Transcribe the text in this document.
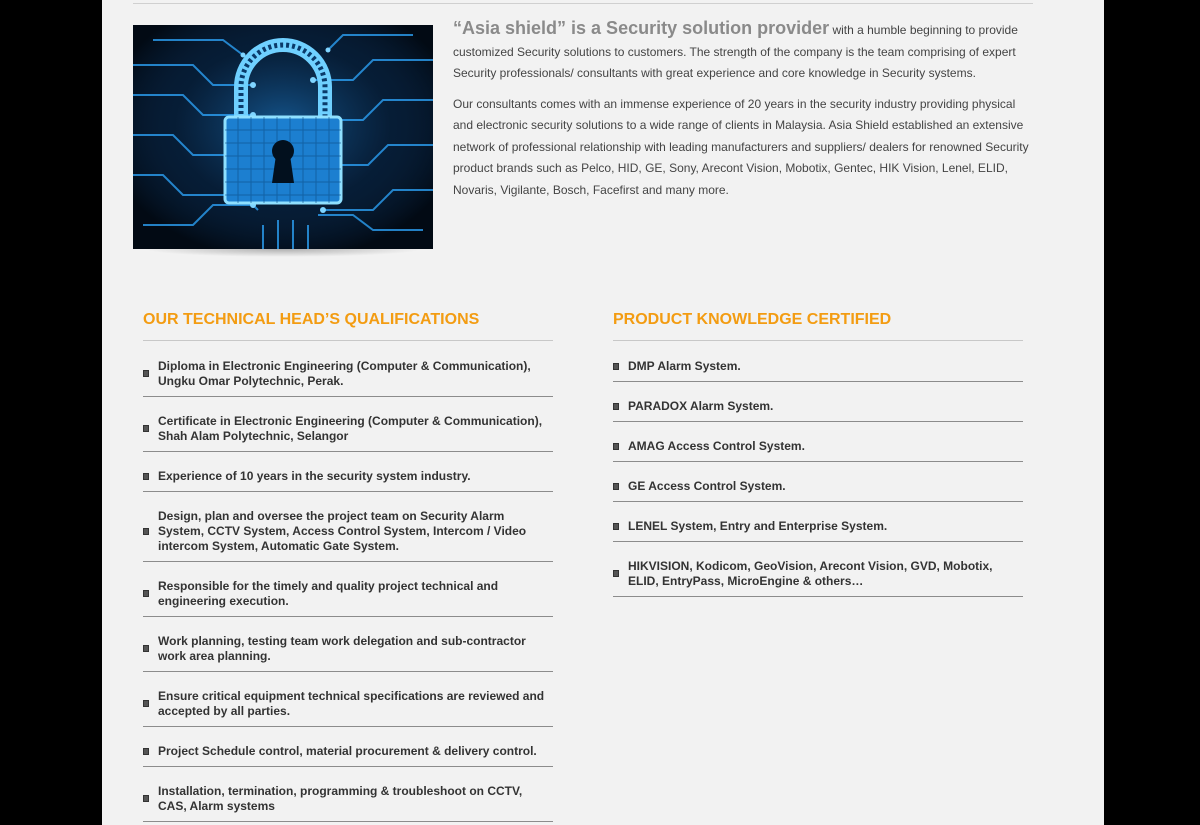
“Asia shield” is a Security solution provider with a humble beginning to provide customized Security solutions to customers. The strength of the company is the team comprising of expert Security professionals/ consultants with great experience and core knowledge in Security systems.

Our consultants comes with an immense experience of 20 years in the security industry providing physical and electronic security solutions to a wide range of clients in Malaysia. Asia Shield established an extensive network of professional relationship with leading manufacturers and suppliers/ dealers for renowned Security product brands such as Pelco, HID, GE, Sony, Arecont Vision, Mobotix, Gentec, HIK Vision, Lenel, ELID, Novaris, Vigilante, Bosch, Facefirst and many more.

OUR TECHNICAL HEAD’S QUALIFICATIONS
Diploma in Electronic Engineering (Computer & Communication), Ungku Omar Polytechnic, Perak.
Certificate in Electronic Engineering (Computer & Communication), Shah Alam Polytechnic, Selangor
Experience of 10 years in the security system industry.
Design, plan and oversee the project team on Security Alarm System, CCTV System, Access Control System, Intercom / Video intercom System, Automatic Gate System.
Responsible for the timely and quality project technical and engineering execution.
Work planning, testing team work delegation and sub-contractor work area planning.
Ensure critical equipment technical specifications are reviewed and accepted by all parties.
Project Schedule control, material procurement & delivery control.
Installation, termination, programming & troubleshoot on CCTV, CAS, Alarm systems
PRODUCT KNOWLEDGE CERTIFIED
DMP Alarm System.
PARADOX Alarm System.
AMAG Access Control System.
GE Access Control System.
LENEL System, Entry and Enterprise System.
HIKVISION, Kodicom, GeoVision, Arecont Vision, GVD, Mobotix, ELID, EntryPass, MicroEngine & others…
